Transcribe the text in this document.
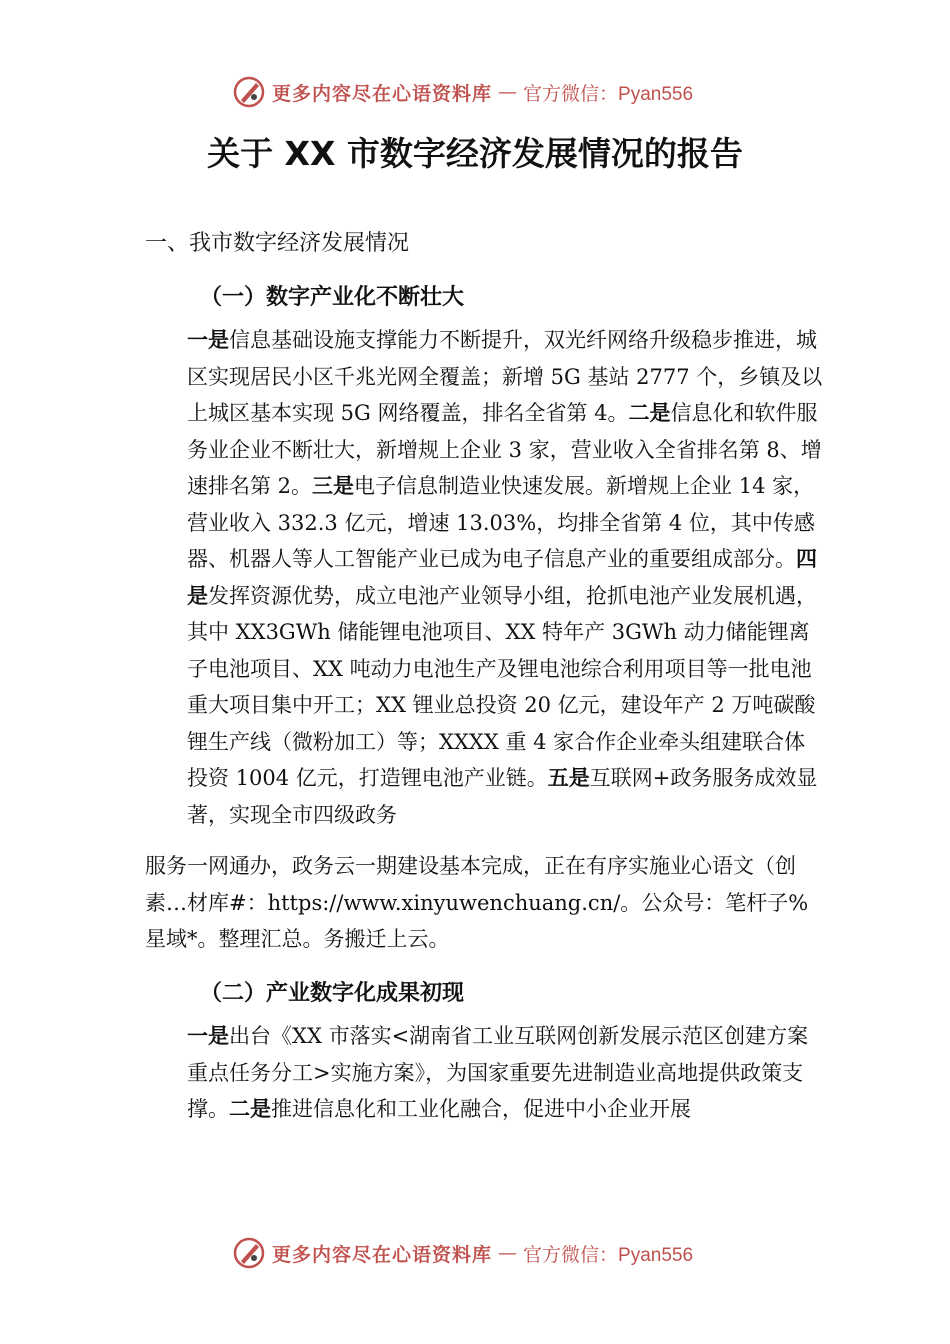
更多内容尽在心语资料库 — 官方微信：Pyan556
关于 XX 市数字经济发展情况的报告
一、我市数字经济发展情况
（一）数字产业化不断壮大

一是信息基础设施支撑能力不断提升，双光纤网络升级稳步推进，城区实现居民小区千兆光网全覆盖；新增 5G 基站 2777 个，乡镇及以上城区基本实现 5G 网络覆盖，排名全省第 4。二是信息化和软件服务业企业不断壮大，新增规上企业 3 家，营业收入全省排名第 8、增速排名第 2。三是电子信息制造业快速发展。新增规上企业 14 家，营业收入 332.3 亿元，增速 13.03%，均排全省第 4 位，其中传感器、机器人等人工智能产业已成为电子信息产业的重要组成部分。四是发挥资源优势，成立电池产业领导小组，抢抓电池产业发展机遇，其中 XX3GWh 储能锂电池项目、XX 特年产 3GWh 动力储能锂离子电池项目、XX 吨动力电池生产及锂电池综合利用项目等一批电池重大项目集中开工；XX 锂业总投资 20 亿元，建设年产 2 万吨碳酸锂生产线（微粉加工）等；XXXX 重 4 家合作企业牵头组建联合体投资 1004 亿元，打造锂电池产业链。五是互联网+政务服务成效显著，实现全市四级政务

服务一网通办，政务云一期建设基本完成，正在有序实施业心语文（创素…材库#：https://www.xinyuwenchuang.cn/。公众号：笔杆子%星域*。整理汇总。务搬迁上云。

（二）产业数字化成果初现

一是出台《XX 市落实<湖南省工业互联网创新发展示范区创建方案重点任务分工>实施方案》，为国家重要先进制造业高地提供政策支撑。二是推进信息化和工业化融合，促进中小企业开展

更多内容尽在心语资料库 — 官方微信：Pyan556
